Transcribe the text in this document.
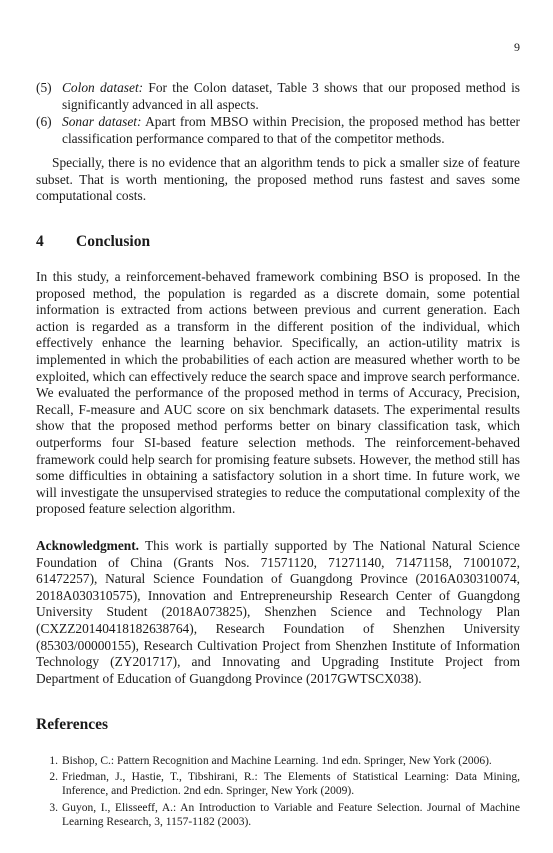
9
(5) Colon dataset: For the Colon dataset, Table 3 shows that our proposed method is significantly advanced in all aspects.
(6) Sonar dataset: Apart from MBSO within Precision, the proposed method has better classification performance compared to that of the competitor methods.
Specially, there is no evidence that an algorithm tends to pick a smaller size of feature subset. That is worth mentioning, the proposed method runs fastest and saves some computational costs.
4 Conclusion
In this study, a reinforcement-behaved framework combining BSO is proposed. In the proposed method, the population is regarded as a discrete domain, some potential information is extracted from actions between previous and current generation. Each action is regarded as a transform in the different position of the individual, which effectively enhance the learning behavior. Specifically, an action-utility matrix is implemented in which the probabilities of each action are measured whether worth to be exploited, which can effectively reduce the search space and improve search performance. We evaluated the performance of the proposed method in terms of Accuracy, Precision, Recall, F-measure and AUC score on six benchmark datasets. The experimental results show that the proposed method performs better on binary classification task, which outperforms four SI-based feature selection methods. The reinforcement-behaved framework could help search for promising feature subsets. However, the method still has some difficulties in obtaining a satisfactory solution in a short time. In future work, we will investigate the unsupervised strategies to reduce the computational complexity of the proposed feature selection algorithm.
Acknowledgment. This work is partially supported by The National Natural Science Foundation of China (Grants Nos. 71571120, 71271140, 71471158, 71001072, 61472257), Natural Science Foundation of Guangdong Province (2016A030310074, 2018A030310575), Innovation and Entrepreneurship Research Center of Guangdong University Student (2018A073825), Shenzhen Science and Technology Plan (CXZZ20140418182638764), Research Foundation of Shenzhen University (85303/00000155), Research Cultivation Project from Shenzhen Institute of Information Technology (ZY201717), and Innovating and Upgrading Institute Project from Department of Education of Guangdong Province (2017GWTSCX038).
References
1. Bishop, C.: Pattern Recognition and Machine Learning. 1nd edn. Springer, New York (2006).
2. Friedman, J., Hastie, T., Tibshirani, R.: The Elements of Statistical Learning: Data Mining, Inference, and Prediction. 2nd edn. Springer, New York (2009).
3. Guyon, I., Elisseeff, A.: An Introduction to Variable and Feature Selection. Journal of Machine Learning Research, 3, 1157-1182 (2003).
